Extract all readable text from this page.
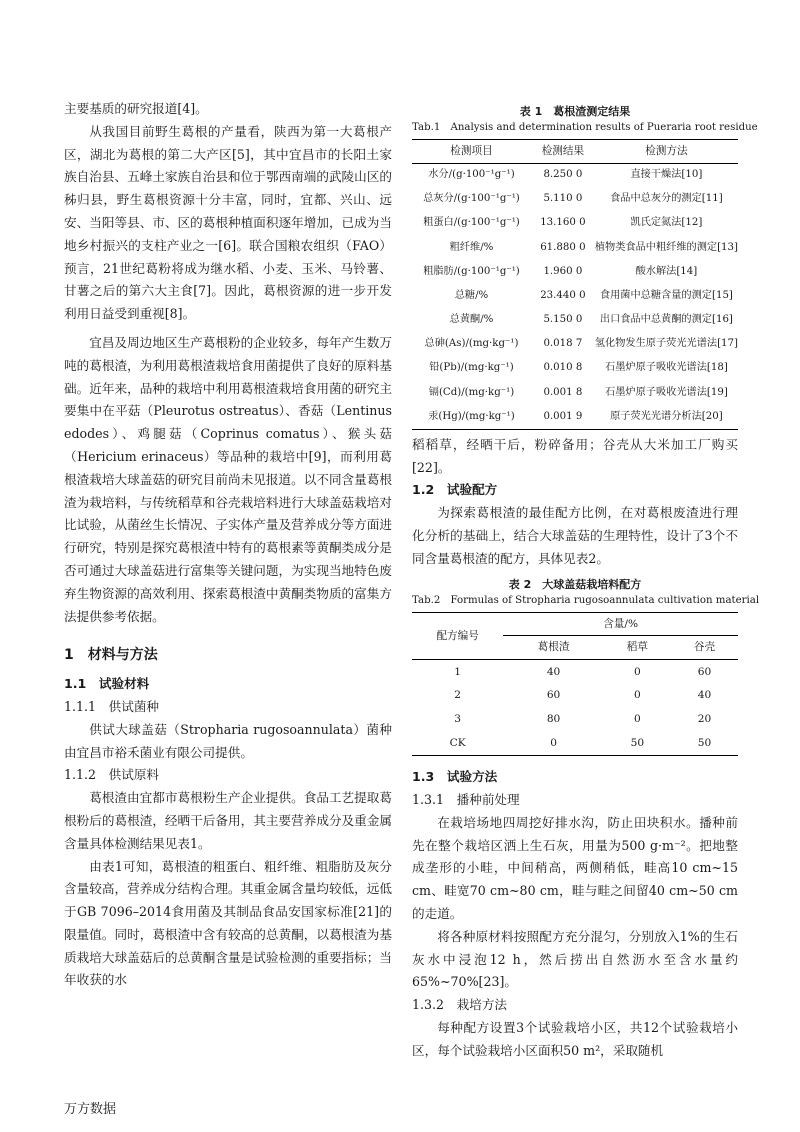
主要基质的研究报道[4]。

从我国目前野生葛根的产量看，陕西为第一大葛根产区，湖北为葛根的第二大产区[5]，其中宜昌市的长阳土家族自治县、五峰土家族自治县和位于鄂西南端的武陵山区的秭归县，野生葛根资源十分丰富，同时，宜都、兴山、远安、当阳等县、市、区的葛根种植面积逐年增加，已成为当地乡村振兴的支柱产业之一[6]。联合国粮农组织（FAO）预言，21世纪葛粉将成为继水稻、小麦、玉米、马铃薯、甘薯之后的第六大主食[7]。因此，葛根资源的进一步开发利用日益受到重视[8]。

宜昌及周边地区生产葛根粉的企业较多，每年产生数万吨的葛根渣，为利用葛根渣栽培食用菌提供了良好的原料基础。近年来，品种的栽培中利用葛根渣栽培食用菌的研究主要集中在平菇（Pleurotus ostreatus）、香菇（Lentinus edodes）、鸡腿菇（Coprinus comatus）、猴头菇（Hericium erinaceus）等品种的栽培中[9]，而利用葛根渣栽培大球盖菇的研究目前尚未见报道。以不同含量葛根渣为栽培料，与传统稻草和谷壳栽培料进行大球盖菇栽培对比试验，从菌丝生长情况、子实体产量及营养成分等方面进行研究，特别是探究葛根渣中特有的葛根素等黄酮类成分是否可通过大球盖菇进行富集等关键问题，为实现当地特色废弃生物资源的高效利用、探索葛根渣中黄酮类物质的富集方法提供参考依据。

1　材料与方法
1.1　试验材料
1.1.1　供试菌种

供试大球盖菇（Stropharia rugosoannulata）菌种由宜昌市裕禾菌业有限公司提供。

1.1.2　供试原料

葛根渣由宜都市葛根粉生产企业提供。食品工艺提取葛根粉后的葛根渣，经晒干后备用，其主要营养成分及重金属含量具体检测结果见表1。

由表1可知，葛根渣的粗蛋白、粗纤维、粗脂肪及灰分含量较高，营养成分结构合理。其重金属含量均较低，远低于GB 7096–2014食用菌及其制品食品安国家标准[21]的限量值。同时，葛根渣中含有较高的总黄酮，以葛根渣为基质栽培大球盖菇后的总黄酮含量是试验检测的重要指标；当年收获的水

表 1　葛根渣测定结果
Tab.1　Analysis and determination results of Pueraria root residue
检测项目	检测结果	检测方法
水分/(g·100⁻¹g⁻¹)	8.250 0	直接干燥法[10]
总灰分/(g·100⁻¹g⁻¹)	5.110 0	食品中总灰分的测定[11]
粗蛋白/(g·100⁻¹g⁻¹)	13.160 0	凯氏定氮法[12]
粗纤维/%	61.880 0	植物类食品中粗纤维的测定[13]
粗脂肪/(g·100⁻¹g⁻¹)	1.960 0	酸水解法[14]
总糖/%	23.440 0	食用菌中总糖含量的测定[15]
总黄酮/%	5.150 0	出口食品中总黄酮的测定[16]
总砷(As)/(mg·kg⁻¹)	0.018 7	氢化物发生原子荧光光谱法[17]
铅(Pb)/(mg·kg⁻¹)	0.010 8	石墨炉原子吸收光谱法[18]
镉(Cd)/(mg·kg⁻¹)	0.001 8	石墨炉原子吸收光谱法[19]
汞(Hg)/(mg·kg⁻¹)	0.001 9	原子荧光光谱分析法[20]

稻稻草，经晒干后，粉碎备用；谷壳从大米加工厂购买[22]。

1.2　试验配方

为探索葛根渣的最佳配方比例，在对葛根废渣进行理化分析的基础上，结合大球盖菇的生理特性，设计了3个不同含量葛根渣的配方，具体见表2。

表 2　大球盖菇栽培料配方
Tab.2　Formulas of Stropharia rugosoannulata cultivation material
配方编号	含量/%		
	葛根渣	稻草	谷壳
1	40	0	60
2	60	0	40
3	80	0	20
CK	0	50	50
1.3　试验方法
1.3.1　播种前处理

在栽培场地四周挖好排水沟，防止田块积水。播种前先在整个栽培区洒上生石灰，用量为500 g·m⁻²。把地整成垄形的小畦，中间稍高，两侧稍低，畦高10 cm~15 cm、畦宽70 cm~80 cm，畦与畦之间留40 cm~50 cm的走道。

将各种原材料按照配方充分混匀，分别放入1%的生石灰水中浸泡12 h，然后捞出自然沥水至含水量约65%~70%[23]。

1.3.2　栽培方法

每种配方设置3个试验栽培小区，共12个试验栽培小区，每个试验栽培小区面积50 m²，采取随机

万方数据
